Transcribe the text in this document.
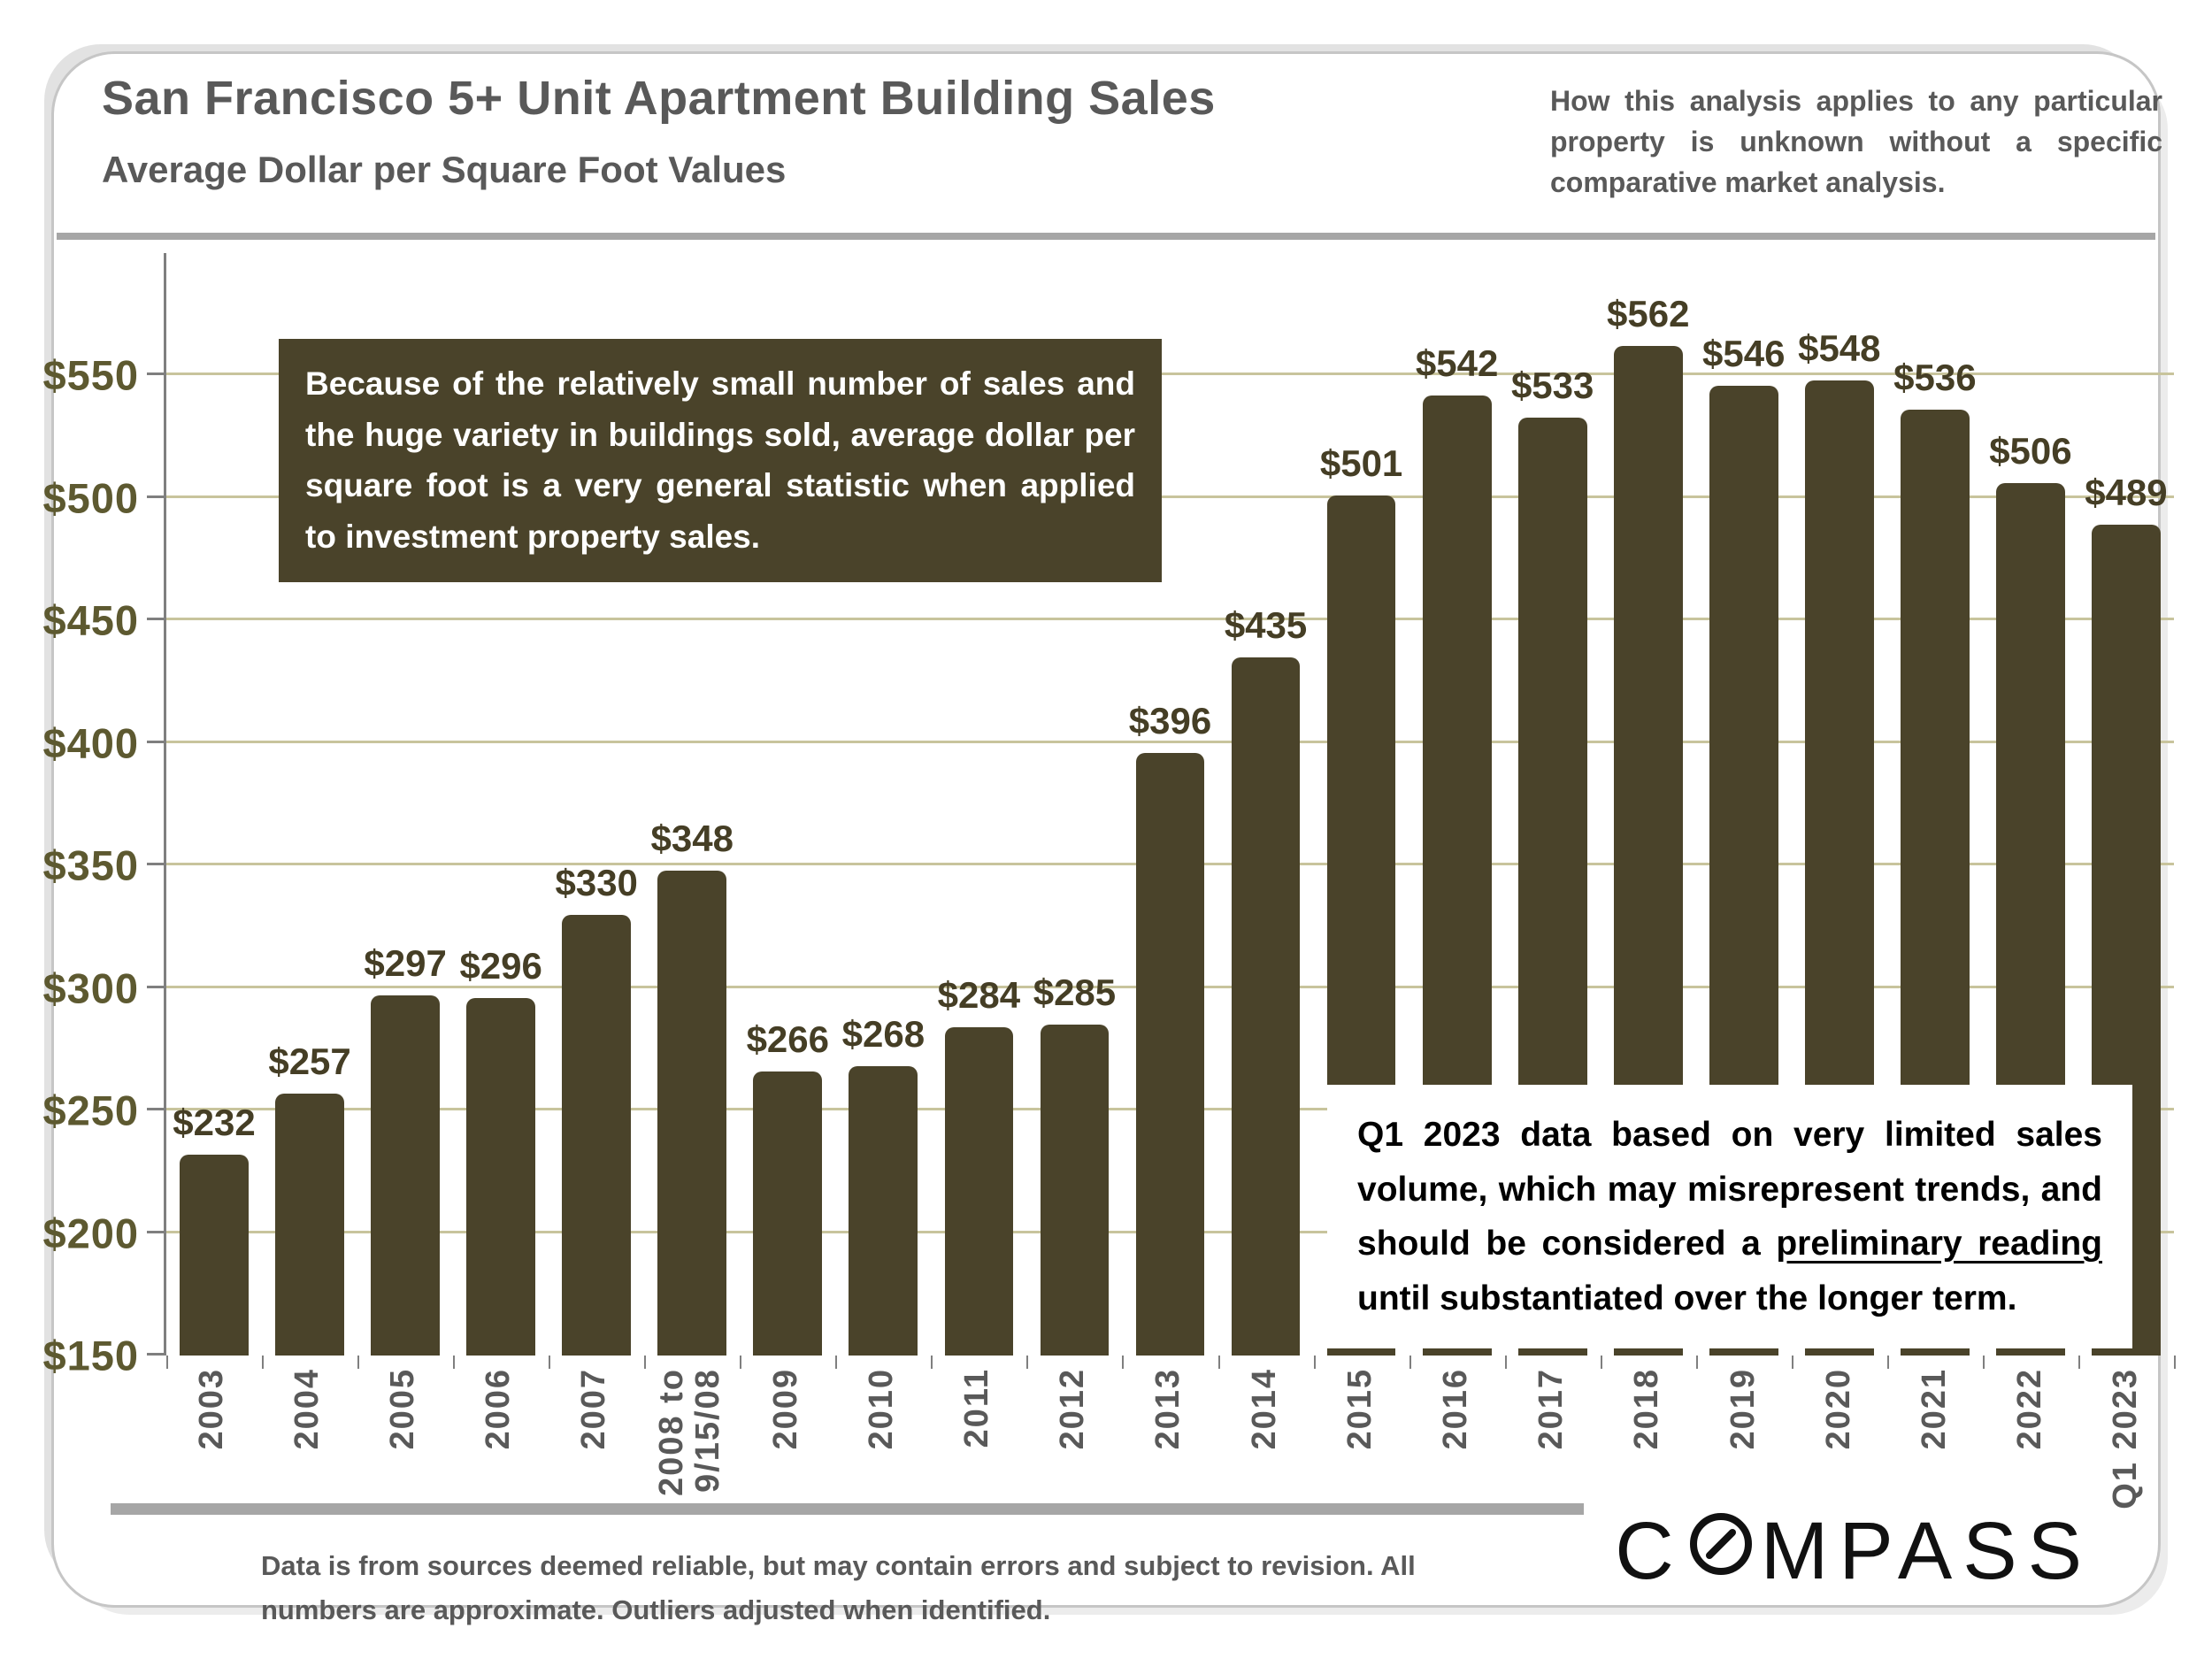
San Francisco 5+ Unit Apartment Building Sales
Average Dollar per Square Foot Values

How this analysis applies to any particular property is unknown without a specific comparative market analysis.

$150
$200
$250
$300
$350
$400
$450
$500
$550
$232
$257
$297 $296
$330
$348
$266 $268
$284 $285
$396
$435
$501
$542
$533
$562
$546 $548
$536
$506
$489
2003 2004 2005 2006 2007 2008 to 9/15/08 2009 2010 2011 2012 2013 2014 2015 2016 2017 2018 2019 2020 2021 2022 Q1 2023
Because of the relatively small number of sales and the huge variety in buildings sold, average dollar per square foot is a very general statistic when applied to investment property sales.
Q1 2023 data based on very limited sales volume, which may misrepresent trends, and should be considered a preliminary reading until substantiated over the longer term.

Data is from sources deemed reliable, but may contain errors and subject to revision. All numbers are approximate. Outliers adjusted when identified.

C MPASS
